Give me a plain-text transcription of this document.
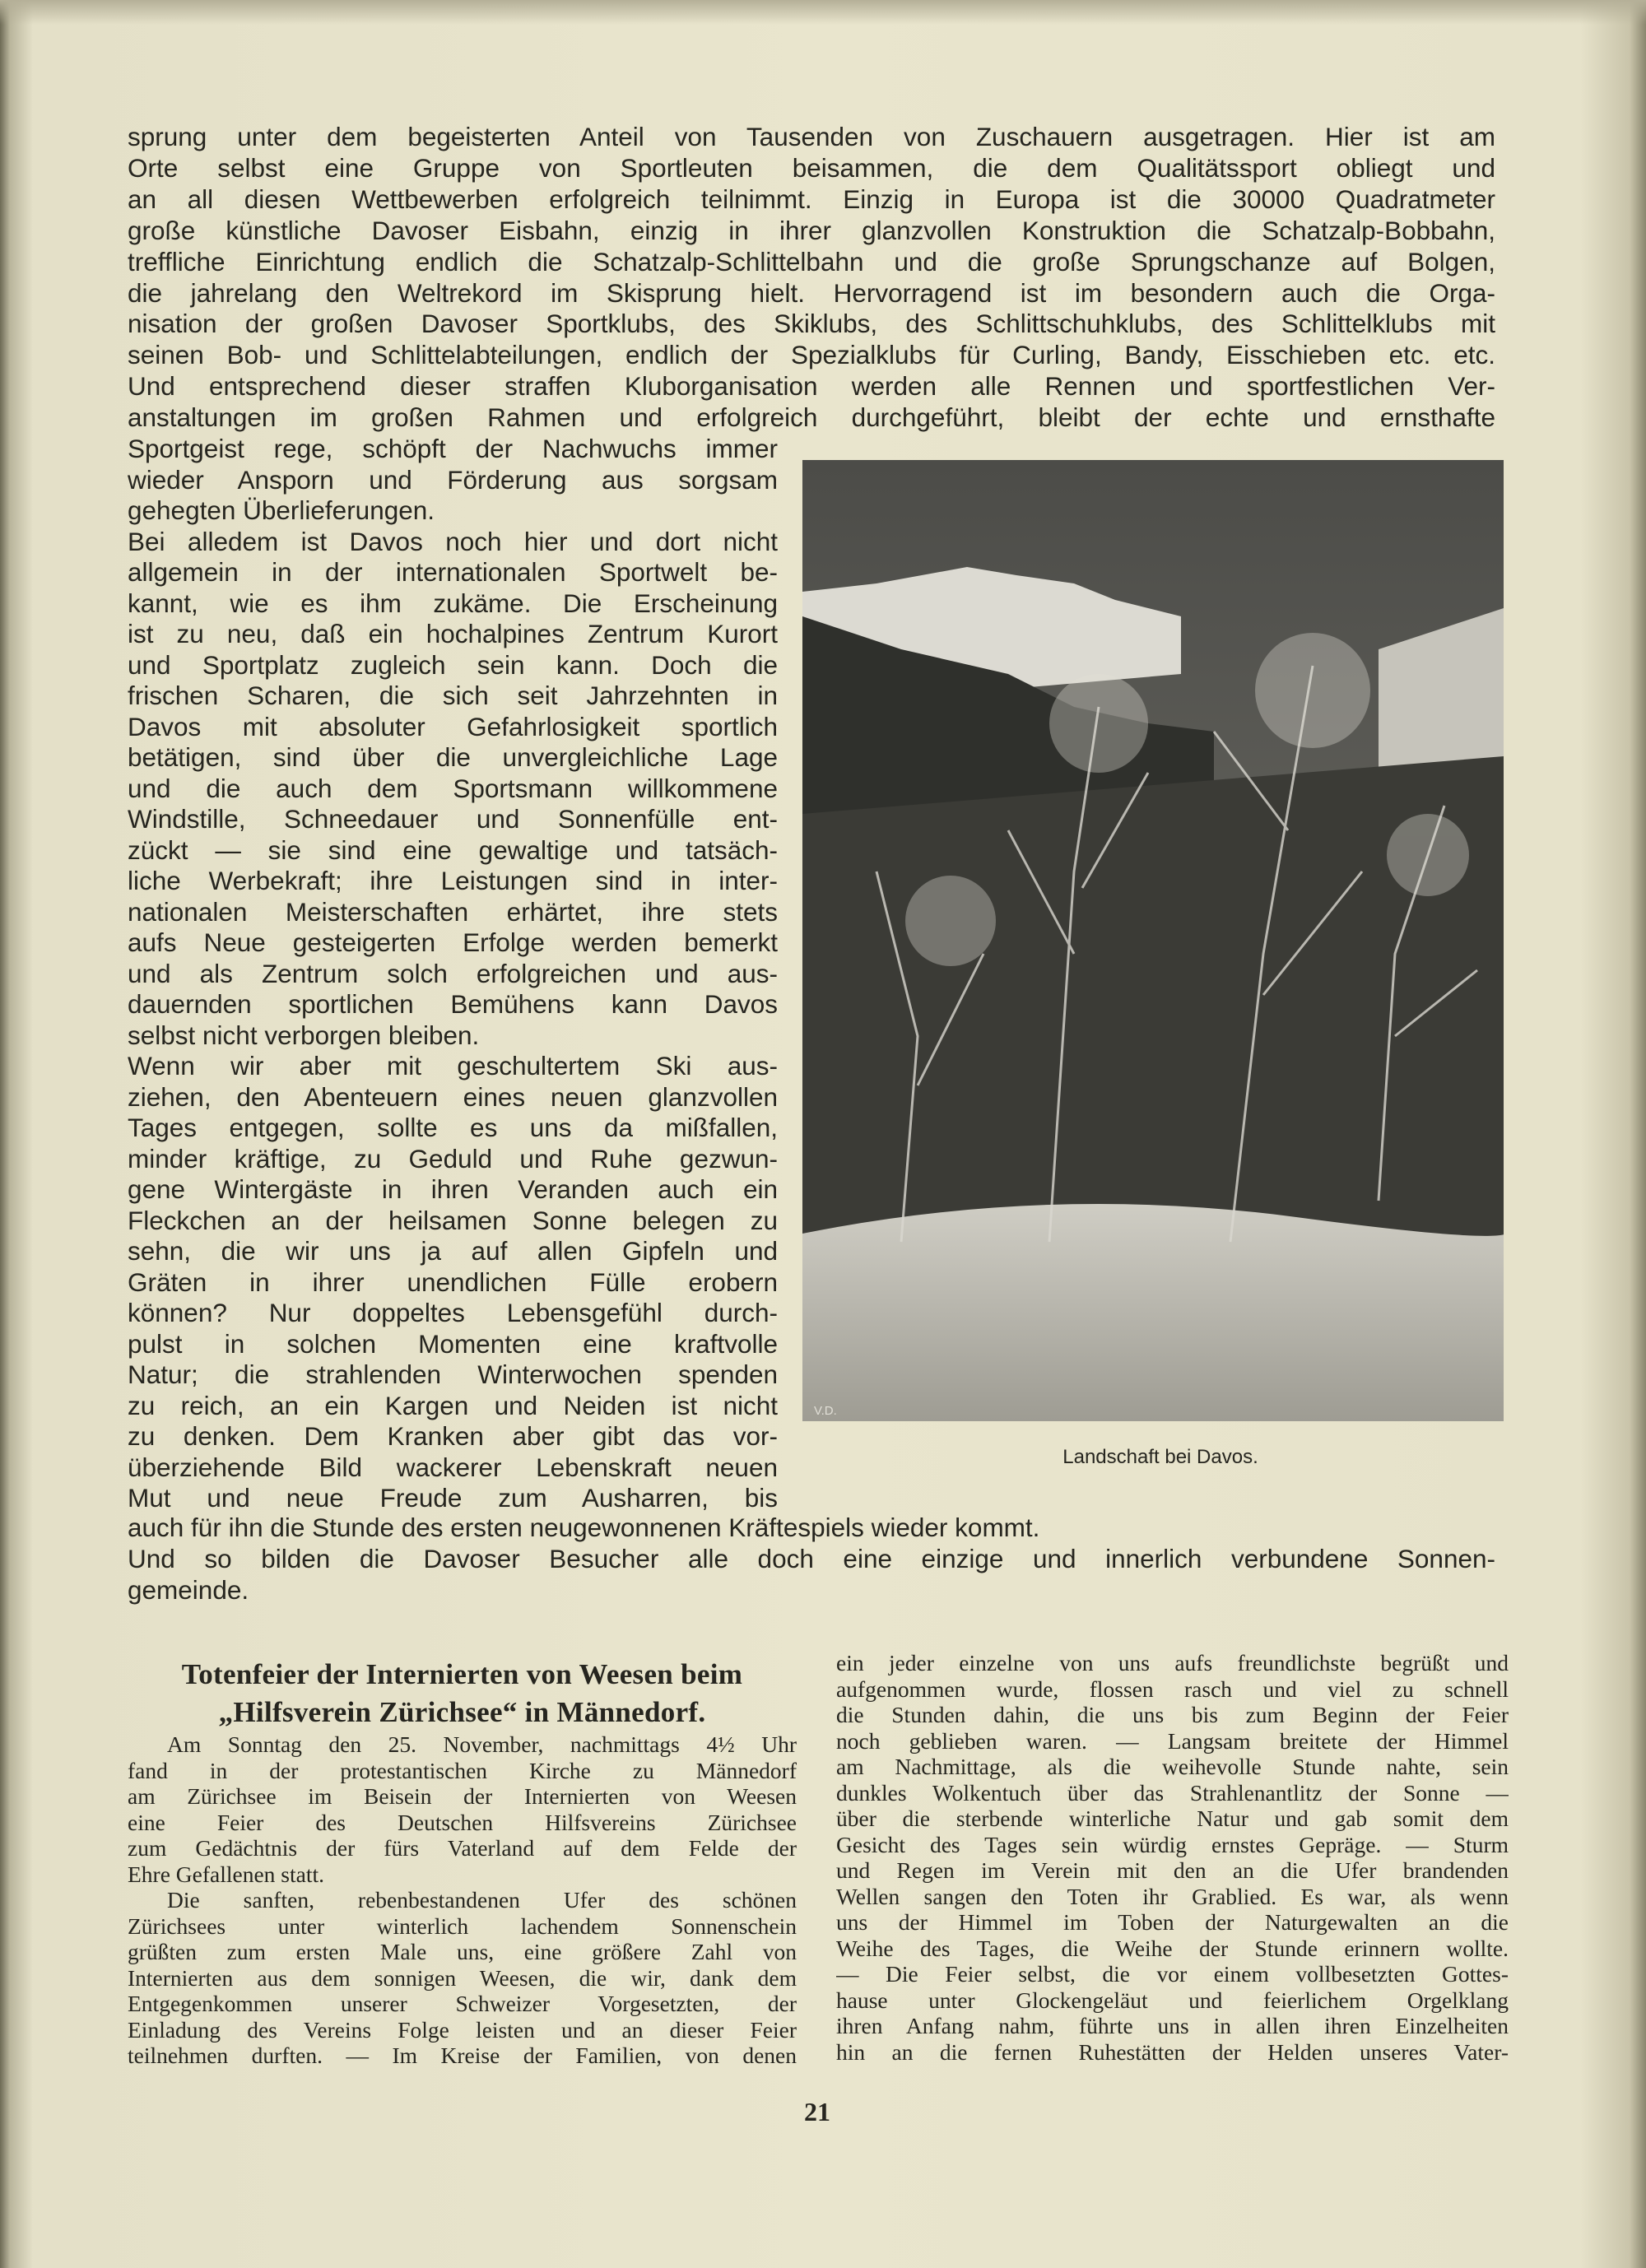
sprung unter dem begeisterten Anteil von Tausenden von Zuschauern ausgetragen. Hier ist am
Orte selbst eine Gruppe von Sportleuten beisammen, die dem Qualitätssport obliegt und
an all diesen Wettbewerben erfolgreich teilnimmt. Einzig in Europa ist die 30000 Quadratmeter
große künstliche Davoser Eisbahn, einzig in ihrer glanzvollen Konstruktion die Schatzalp-Bobbahn,
treffliche Einrichtung endlich die Schatzalp-Schlittelbahn und die große Sprungschanze auf Bolgen,
die jahrelang den Weltrekord im Skisprung hielt. Hervorragend ist im besondern auch die Orga-
nisation der großen Davoser Sportklubs, des Skiklubs, des Schlittschuhklubs, des Schlittelklubs mit
seinen Bob- und Schlittelabteilungen, endlich der Spezialklubs für Curling, Bandy, Eisschieben etc. etc.
Und entsprechend dieser straffen Kluborganisation werden alle Rennen und sportfestlichen Ver-
anstaltungen im großen Rahmen und erfolgreich durchgeführt, bleibt der echte und ernsthafte
Sportgeist rege, schöpft der Nachwuchs immer
wieder Ansporn und Förderung aus sorgsam
gehegten Überlieferungen.
Bei alledem ist Davos noch hier und dort nicht
allgemein in der internationalen Sportwelt be-
kannt, wie es ihm zukäme. Die Erscheinung
ist zu neu, daß ein hochalpines Zentrum Kurort
und Sportplatz zugleich sein kann. Doch die
frischen Scharen, die sich seit Jahrzehnten in
Davos mit absoluter Gefahrlosigkeit sportlich
betätigen, sind über die unvergleichliche Lage
und die auch dem Sportsmann willkommene
Windstille, Schneedauer und Sonnenfülle ent-
zückt — sie sind eine gewaltige und tatsäch-
liche Werbekraft; ihre Leistungen sind in inter-
nationalen Meisterschaften erhärtet, ihre stets
aufs Neue gesteigerten Erfolge werden bemerkt
und als Zentrum solch erfolgreichen und aus-
dauernden sportlichen Bemühens kann Davos
selbst nicht verborgen bleiben.
Wenn wir aber mit geschultertem Ski aus-
ziehen, den Abenteuern eines neuen glanzvollen
Tages entgegen, sollte es uns da mißfallen,
minder kräftige, zu Geduld und Ruhe gezwun-
gene Wintergäste in ihren Veranden auch ein
Fleckchen an der heilsamen Sonne belegen zu
sehn, die wir uns ja auf allen Gipfeln und
Gräten in ihrer unendlichen Fülle erobern
können? Nur doppeltes Lebensgefühl durch-
pulst in solchen Momenten eine kraftvolle
Natur; die strahlenden Winterwochen spenden
zu reich, an ein Kargen und Neiden ist nicht
zu denken. Dem Kranken aber gibt das vor-
überziehende Bild wackerer Lebenskraft neuen
Mut und neue Freude zum Ausharren, bis
V.D.
Landschaft bei Davos.
auch für ihn die Stunde des ersten neugewonnenen Kräftespiels wieder kommt.
Und so bilden die Davoser Besucher alle doch eine einzige und innerlich verbundene Sonnen-
gemeinde.
Totenfeier der Internierten von Weesen beim
„Hilfsverein Zürichsee“ in Männedorf.
Am Sonntag den 25. November, nachmittags 4½ Uhr
fand in der protestantischen Kirche zu Männedorf
am Zürichsee im Beisein der Internierten von Weesen
eine Feier des Deutschen Hilfsvereins Zürichsee
zum Gedächtnis der fürs Vaterland auf dem Felde der
Ehre Gefallenen statt.
Die sanften, rebenbestandenen Ufer des schönen
Zürichsees unter winterlich lachendem Sonnenschein
grüßten zum ersten Male uns, eine größere Zahl von
Internierten aus dem sonnigen Weesen, die wir, dank dem
Entgegenkommen unserer Schweizer Vorgesetzten, der
Einladung des Vereins Folge leisten und an dieser Feier
teilnehmen durften. — Im Kreise der Familien, von denen
ein jeder einzelne von uns aufs freundlichste begrüßt und
aufgenommen wurde, flossen rasch und viel zu schnell
die Stunden dahin, die uns bis zum Beginn der Feier
noch geblieben waren. — Langsam breitete der Himmel
am Nachmittage, als die weihevolle Stunde nahte, sein
dunkles Wolkentuch über das Strahlenantlitz der Sonne —
über die sterbende winterliche Natur und gab somit dem
Gesicht des Tages sein würdig ernstes Gepräge. — Sturm
und Regen im Verein mit den an die Ufer brandenden
Wellen sangen den Toten ihr Grablied. Es war, als wenn
uns der Himmel im Toben der Naturgewalten an die
Weihe des Tages, die Weihe der Stunde erinnern wollte.
— Die Feier selbst, die vor einem vollbesetzten Gottes-
hause unter Glockengeläut und feierlichem Orgelklang
ihren Anfang nahm, führte uns in allen ihren Einzelheiten
hin an die fernen Ruhestätten der Helden unseres Vater-
21
